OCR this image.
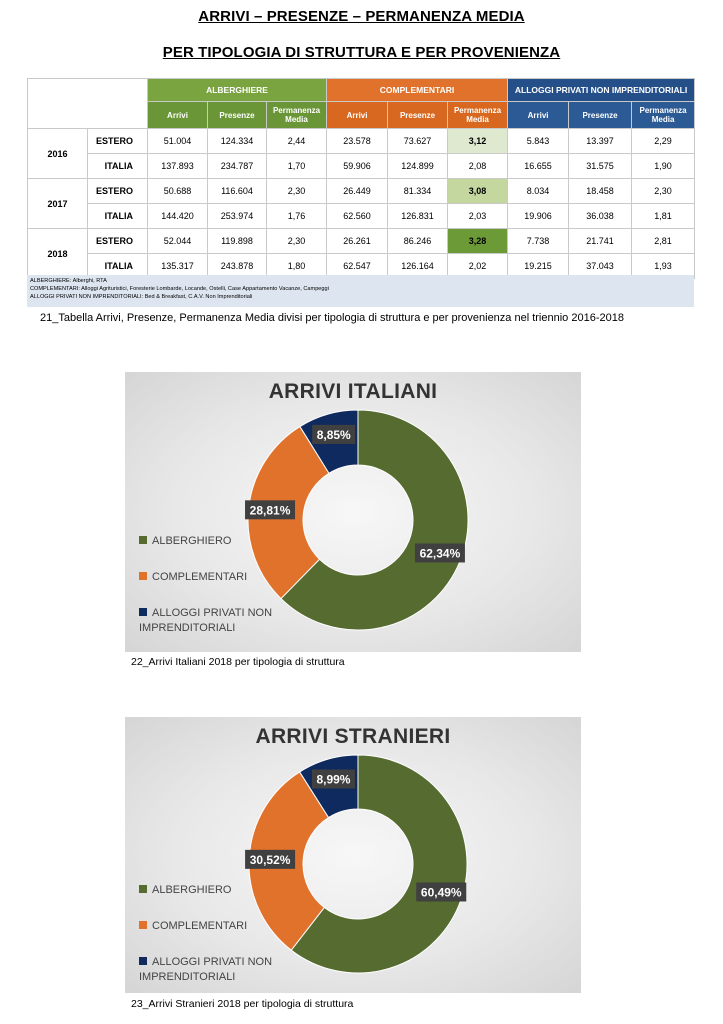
ARRIVI – PRESENZE – PERMANENZA MEDIA
PER TIPOLOGIA DI STRUTTURA E PER PROVENIENZA
		ALBERGHIERE			COMPLEMENTARI			ALLOGGI PRIVATI NON IMPRENDITORIALI		
		Arrivi	Presenze	Permanenza Media	Arrivi	Presenze	Permanenza Media	Arrivi	Presenze	Permanenza Media
2016	ESTERO	51.004	124.334	2,44	23.578	73.627	3,12	5.843	13.397	2,29
	ITALIA	137.893	234.787	1,70	59.906	124.899	2,08	16.655	31.575	1,90
2017	ESTERO	50.688	116.604	2,30	26.449	81.334	3,08	8.034	18.458	2,30
	ITALIA	144.420	253.974	1,76	62.560	126.831	2,03	19.906	36.038	1,81
2018	ESTERO	52.044	119.898	2,30	26.261	86.246	3,28	7.738	21.741	2,81
	ITALIA	135.317	243.878	1,80	62.547	126.164	2,02	19.215	37.043	1,93
ALBERGHIERE: Alberghi, RTA
COMPLEMENTARI: Alloggi Agrituristici, Foresterie Lombarde, Locande, Ostelli, Case Appartamento Vacanze, Campeggi
ALLOGGI PRIVATI NON IMPRENDITORIALI: Bed & Breakfast, C.A.V. Non Imprenditoriali
21_Tabella Arrivi, Presenze, Permanenza Media divisi per tipologia di struttura e per provenienza nel triennio 2016-2018
62,34%
28,81%
8,85%
ARRIVI ITALIANI
ALBERGHIERO
COMPLEMENTARI
ALLOGGI PRIVATI NON IMPRENDITORIALI
22_Arrivi Italiani 2018 per tipologia di struttura
60,49%
30,52%
8,99%
ARRIVI STRANIERI
ALBERGHIERO
COMPLEMENTARI
ALLOGGI PRIVATI NON IMPRENDITORIALI
23_Arrivi Stranieri 2018 per tipologia di struttura
